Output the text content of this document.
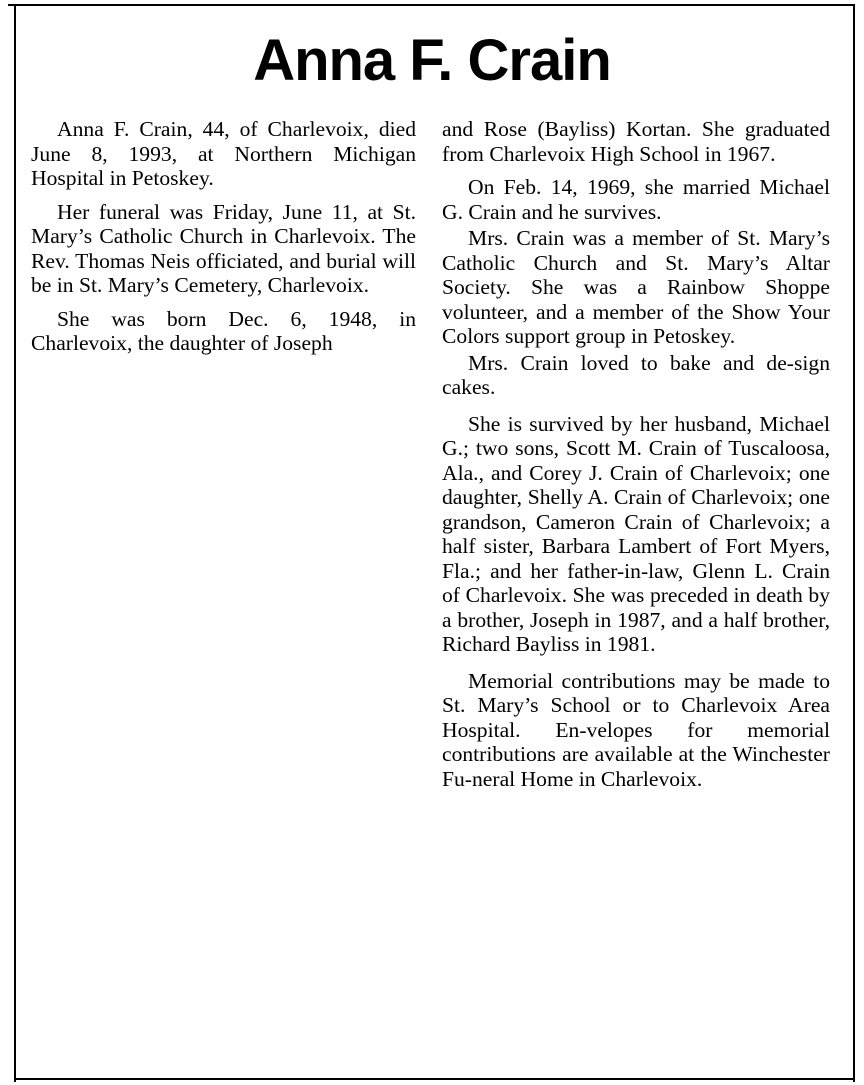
Anna F. Crain

Anna F. Crain, 44, of Charlevoix, died June 8, 1993, at Northern Michigan Hospital in Petoskey.

Her funeral was Friday, June 11, at St. Mary’s Catholic Church in Charlevoix. The Rev. Thomas Neis officiated, and burial will be in St. Mary’s Cemetery, Charlevoix.

She was born Dec. 6, 1948, in Charlevoix, the daughter of Joseph

and Rose (Bayliss) Kortan. She graduated from Charlevoix High School in 1967.

On Feb. 14, 1969, she married Michael G. Crain and he survives.

Mrs. Crain was a member of St. Mary’s Catholic Church and St. Mary’s Altar Society. She was a Rainbow Shoppe volunteer, and a member of the Show Your Colors support group in Petoskey.

Mrs. Crain loved to bake and de-sign cakes.

She is survived by her husband, Michael G.; two sons, Scott M. Crain of Tuscaloosa, Ala., and Corey J. Crain of Charlevoix; one daughter, Shelly A. Crain of Charlevoix; one grandson, Cameron Crain of Charlevoix; a half sister, Barbara Lambert of Fort Myers, Fla.; and her father-in-law, Glenn L. Crain of Charlevoix. She was preceded in death by a brother, Joseph in 1987, and a half brother, Richard Bayliss in 1981.

Memorial contributions may be made to St. Mary’s School or to Charlevoix Area Hospital. En-velopes for memorial contributions are available at the Winchester Fu-neral Home in Charlevoix.
